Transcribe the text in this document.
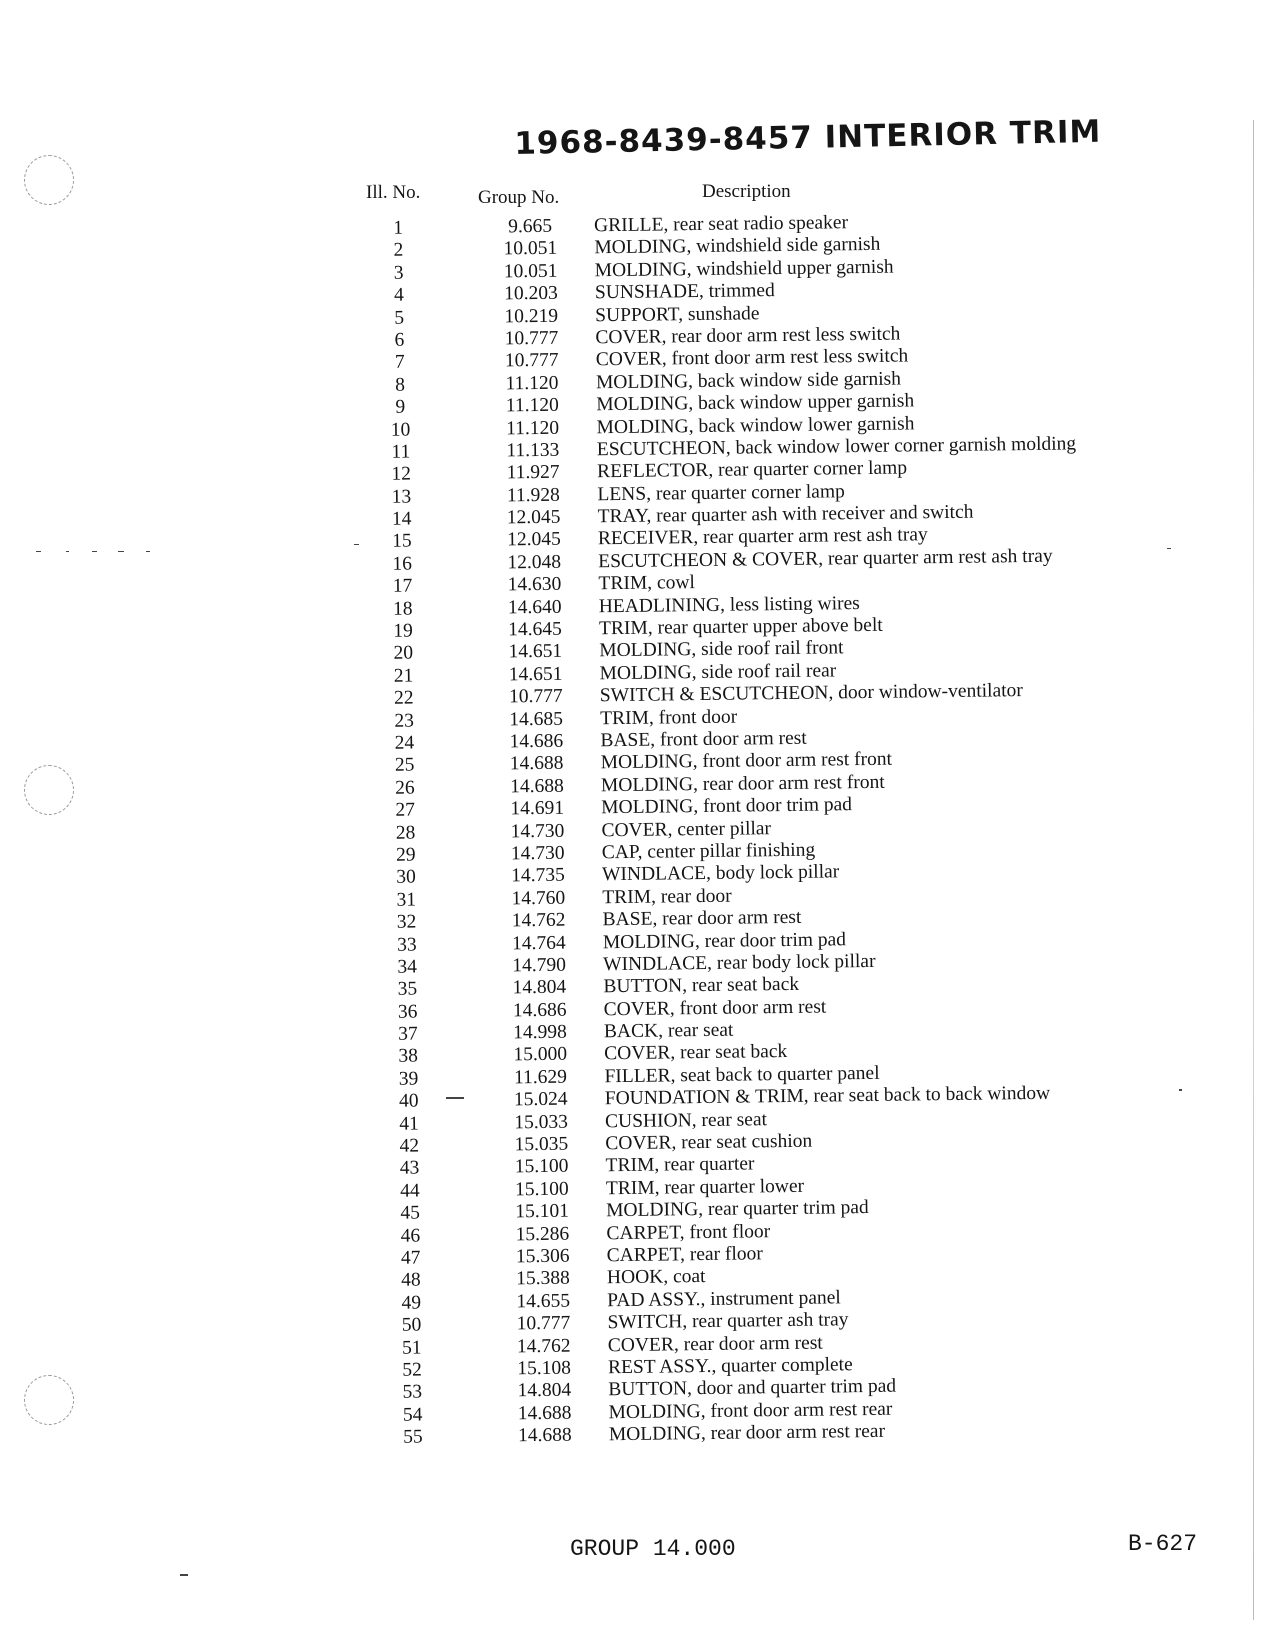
1968-8439-8457 INTERIOR TRIM
Ill. No.	Group No.	Description
1	9.665	GRILLE, rear seat radio speaker
2	10.051	MOLDING, windshield side garnish
3	10.051	MOLDING, windshield upper garnish
4	10.203	SUNSHADE, trimmed
5	10.219	SUPPORT, sunshade
6	10.777	COVER, rear door arm rest less switch
7	10.777	COVER, front door arm rest less switch
8	11.120	MOLDING, back window side garnish
9	11.120	MOLDING, back window upper garnish
10	11.120	MOLDING, back window lower garnish
11	11.133	ESCUTCHEON, back window lower corner garnish molding
12	11.927	REFLECTOR, rear quarter corner lamp
13	11.928	LENS, rear quarter corner lamp
14	12.045	TRAY, rear quarter ash with receiver and switch
15	12.045	RECEIVER, rear quarter arm rest ash tray
16	12.048	ESCUTCHEON & COVER, rear quarter arm rest ash tray
17	14.630	TRIM, cowl
18	14.640	HEADLINING, less listing wires
19	14.645	TRIM, rear quarter upper above belt
20	14.651	MOLDING, side roof rail front
21	14.651	MOLDING, side roof rail rear
22	10.777	SWITCH & ESCUTCHEON, door window-ventilator
23	14.685	TRIM, front door
24	14.686	BASE, front door arm rest
25	14.688	MOLDING, front door arm rest front
26	14.688	MOLDING, rear door arm rest front
27	14.691	MOLDING, front door trim pad
28	14.730	COVER, center pillar
29	14.730	CAP, center pillar finishing
30	14.735	WINDLACE, body lock pillar
31	14.760	TRIM, rear door
32	14.762	BASE, rear door arm rest
33	14.764	MOLDING, rear door trim pad
34	14.790	WINDLACE, rear body lock pillar
35	14.804	BUTTON, rear seat back
36	14.686	COVER, front door arm rest
37	14.998	BACK, rear seat
38	15.000	COVER, rear seat back
39	11.629	FILLER, seat back to quarter panel
40	15.024	FOUNDATION & TRIM, rear seat back to back window
41	15.033	CUSHION, rear seat
42	15.035	COVER, rear seat cushion
43	15.100	TRIM, rear quarter
44	15.100	TRIM, rear quarter lower
45	15.101	MOLDING, rear quarter trim pad
46	15.286	CARPET, front floor
47	15.306	CARPET, rear floor
48	15.388	HOOK, coat
49	14.655	PAD ASSY., instrument panel
50	10.777	SWITCH, rear quarter ash tray
51	14.762	COVER, rear door arm rest
52	15.108	REST ASSY., quarter complete
53	14.804	BUTTON, door and quarter trim pad
54	14.688	MOLDING, front door arm rest rear
55	14.688	MOLDING, rear door arm rest rear
GROUP 14.000	B-627
